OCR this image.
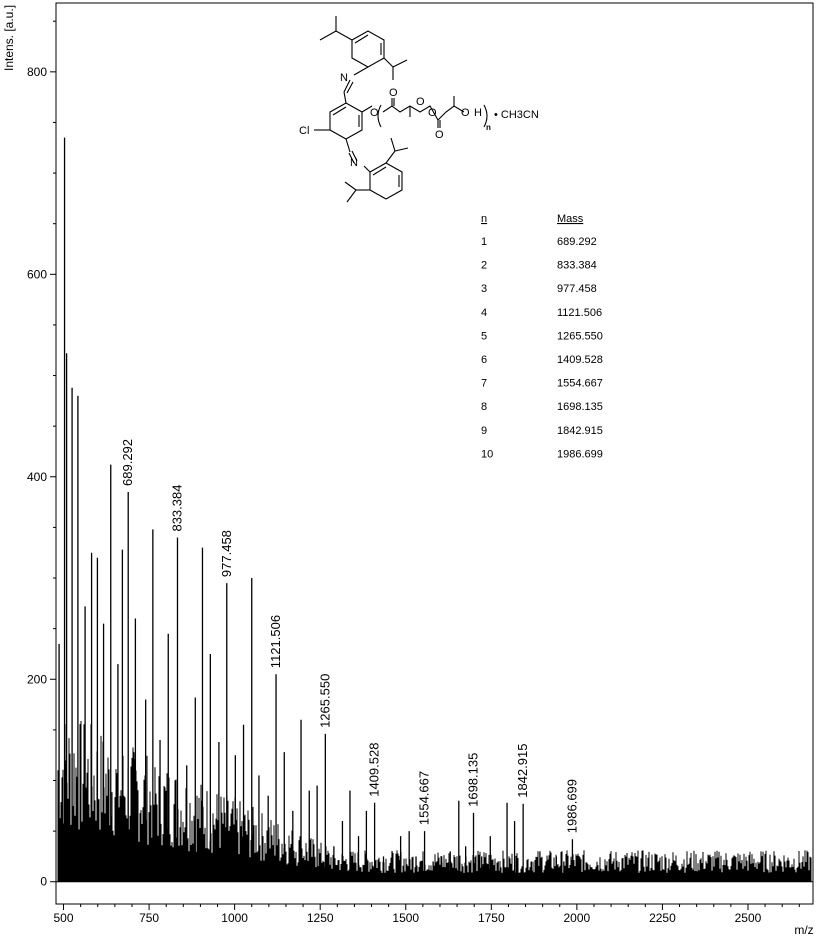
Intens. [a.u.]
m/z
500	750	1000	1250	1500	1750	2000	2250	2500
0
200
400
600
800
689.292
833.384
977.458
1121.506
1265.550
1409.528
1554.667	1698.135	1842.915
1986.699
N
N
Cl
O
O
O
O
O
O H
n
• CH3CN
n	Mass
1	689.292
2	833.384
3	977.458
4	1121.506
5	1265.550
6	1409.528
7	1554.667
8	1698.135
9	1842.915
10	1986.699
